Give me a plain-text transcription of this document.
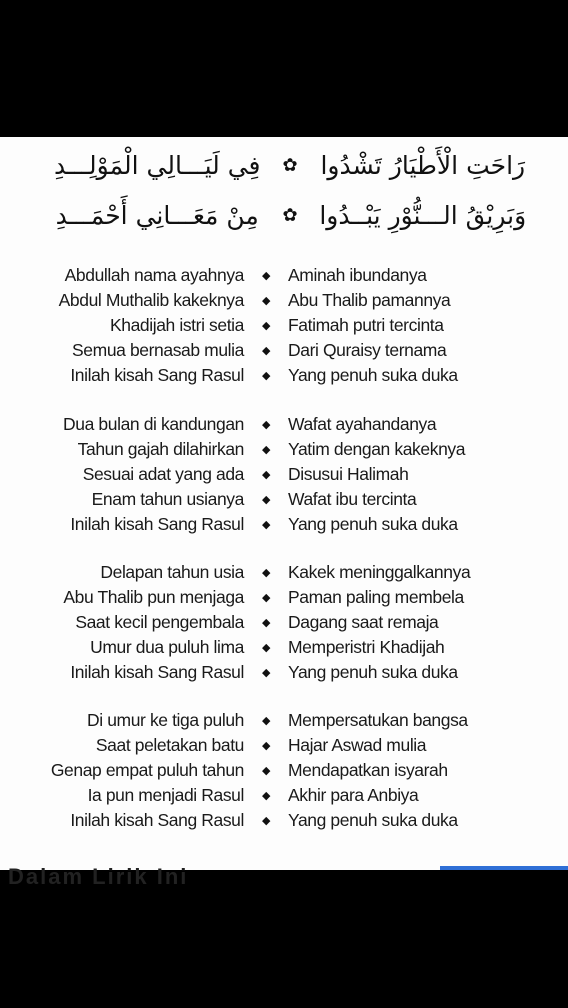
رَاحَتِ الْأَطْيَارُ تَشْدُوا
✿
فِي لَيَـــالِي الْمَوْلِـــدِ
وَبَرِيْقُ الـــنُّوْرِ يَبْــدُوا
✿
مِنْ مَعَـــانِي أَحْمَـــدِ
Abdullah nama ayahnya	◆	Aminah ibundanya
Abdul Muthalib kakeknya	◆	Abu Thalib pamannya
Khadijah istri setia	◆	Fatimah putri tercinta
Semua bernasab mulia	◆	Dari Quraisy ternama
Inilah kisah Sang Rasul	◆	Yang penuh suka duka
Dua bulan di kandungan	◆	Wafat ayahandanya
Tahun gajah dilahirkan	◆	Yatim dengan kakeknya
Sesuai adat yang ada	◆	Disusui Halimah
Enam tahun usianya	◆	Wafat ibu tercinta
Inilah kisah Sang Rasul	◆	Yang penuh suka duka
Delapan tahun usia	◆	Kakek meninggalkannya
Abu Thalib pun menjaga	◆	Paman paling membela
Saat kecil pengembala	◆	Dagang saat remaja
Umur dua puluh lima	◆	Memperistri Khadijah
Inilah kisah Sang Rasul	◆	Yang penuh suka duka
Di umur ke tiga puluh	◆	Mempersatukan bangsa
Saat peletakan batu	◆	Hajar Aswad mulia
Genap empat puluh tahun	◆	Mendapatkan isyarah
Ia pun menjadi Rasul	◆	Akhir para Anbiya
Inilah kisah Sang Rasul	◆	Yang penuh suka duka
Dalam Lirik Ini
